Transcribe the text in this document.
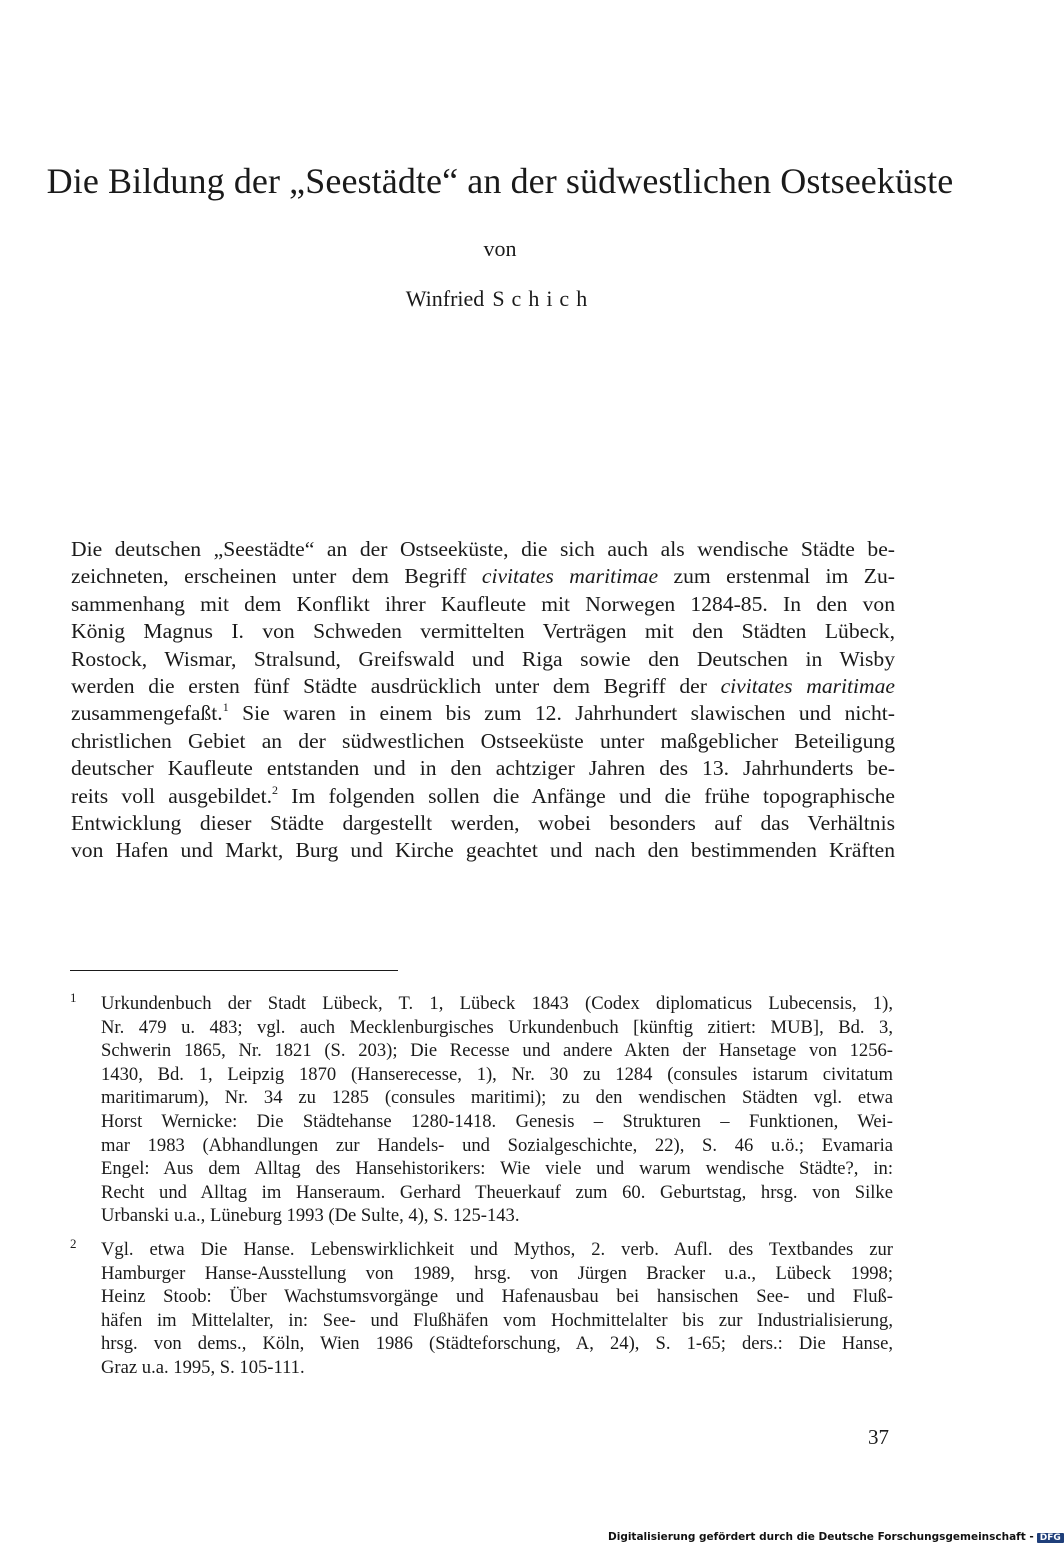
Die Bildung der „Seestädte“ an der südwestlichen Ostseeküste
von
Winfried Schich
Die deutschen „Seestädte“ an der Ostseeküste, die sich auch als wendische Städte be-
zeichneten, erscheinen unter dem Begriff civitates maritimae zum erstenmal im Zu-
sammenhang mit dem Konflikt ihrer Kaufleute mit Norwegen 1284-85. In den von
König Magnus I. von Schweden vermittelten Verträgen mit den Städten Lübeck,
Rostock, Wismar, Stralsund, Greifswald und Riga sowie den Deutschen in Wisby
werden die ersten fünf Städte ausdrücklich unter dem Begriff der civitates maritimae
zusammengefaßt.$^1$ Sie waren in einem bis zum 12. Jahrhundert slawischen und nicht-
christlichen Gebiet an der südwestlichen Ostseeküste unter maßgeblicher Beteiligung
deutscher Kaufleute entstanden und in den achtziger Jahren des 13. Jahrhunderts be-
reits voll ausgebildet.$^2$ Im folgenden sollen die Anfänge und die frühe topographische
Entwicklung dieser Städte dargestellt werden, wobei besonders auf das Verhältnis
von Hafen und Markt, Burg und Kirche geachtet und nach den bestimmenden Kräften
1 Urkundenbuch der Stadt Lübeck, T. 1, Lübeck 1843 (Codex diplomaticus Lubecensis, 1),
Nr. 479 u. 483; vgl. auch Mecklenburgisches Urkundenbuch [künftig zitiert: MUB], Bd. 3,
Schwerin 1865, Nr. 1821 (S. 203); Die Recesse und andere Akten der Hansetage von 1256-
1430, Bd. 1, Leipzig 1870 (Hanserecesse, 1), Nr. 30 zu 1284 (consules istarum civitatum
maritimarum), Nr. 34 zu 1285 (consules maritimi); zu den wendischen Städten vgl. etwa
Horst Wernicke: Die Städtehanse 1280-1418. Genesis – Strukturen – Funktionen, Wei-
mar 1983 (Abhandlungen zur Handels- und Sozialgeschichte, 22), S. 46 u.ö.; Evamaria
Engel: Aus dem Alltag des Hansehistorikers: Wie viele und warum wendische Städte?, in:
Recht und Alltag im Hanseraum. Gerhard Theuerkauf zum 60. Geburtstag, hrsg. von Silke
Urbanski u.a., Lüneburg 1993 (De Sulte, 4), S. 125-143.
2 Vgl. etwa Die Hanse. Lebenswirklichkeit und Mythos, 2. verb. Aufl. des Textbandes zur
Hamburger Hanse-Ausstellung von 1989, hrsg. von Jürgen Bracker u.a., Lübeck 1998;
Heinz Stoob: Über Wachstumsvorgänge und Hafenausbau bei hansischen See- und Fluß-
häfen im Mittelalter, in: See- und Flußhäfen vom Hochmittelalter bis zur Industrialisierung,
hrsg. von dems., Köln, Wien 1986 (Städteforschung, A, 24), S. 1-65; ders.: Die Hanse,
Graz u.a. 1995, S. 105-111.
37
Digitalisierung gefördert durch die Deutsche Forschungsgemeinschaft - DFG
